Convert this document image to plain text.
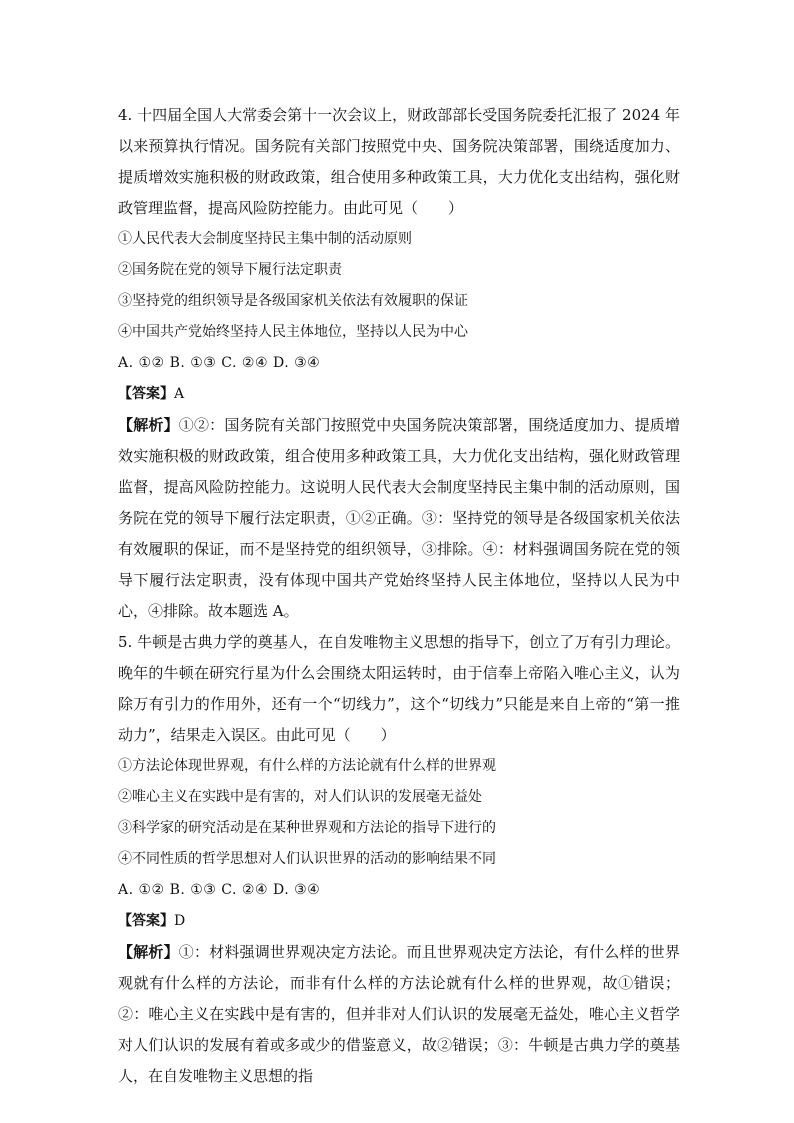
4. 十四届全国人大常委会第十一次会议上，财政部部长受国务院委托汇报了 2024 年以来预算执行情况。国务院有关部门按照党中央、国务院决策部署，围绕适度加力、提质增效实施积极的财政政策，组合使用多种政策工具，大力优化支出结构，强化财政管理监督，提高风险防控能力。由此可见（　　）

①人民代表大会制度坚持民主集中制的活动原则

②国务院在党的领导下履行法定职责

③坚持党的组织领导是各级国家机关依法有效履职的保证

④中国共产党始终坚持人民主体地位，坚持以人民为中心

A. ①② B. ①③ C. ②④ D. ③④

【答案】A

【解析】①②：国务院有关部门按照党中央国务院决策部署，围绕适度加力、提质增效实施积极的财政政策，组合使用多种政策工具，大力优化支出结构，强化财政管理监督，提高风险防控能力。这说明人民代表大会制度坚持民主集中制的活动原则，国务院在党的领导下履行法定职责，①②正确。③：坚持党的领导是各级国家机关依法有效履职的保证，而不是坚持党的组织领导，③排除。④：材料强调国务院在党的领导下履行法定职责，没有体现中国共产党始终坚持人民主体地位，坚持以人民为中心，④排除。故本题选 A。

5. 牛顿是古典力学的奠基人，在自发唯物主义思想的指导下，创立了万有引力理论。晚年的牛顿在研究行星为什么会围绕太阳运转时，由于信奉上帝陷入唯心主义，认为除万有引力的作用外，还有一个“切线力”，这个“切线力”只能是来自上帝的“第一推动力”，结果走入误区。由此可见（　　）

①方法论体现世界观，有什么样的方法论就有什么样的世界观

②唯心主义在实践中是有害的，对人们认识的发展毫无益处

③科学家的研究活动是在某种世界观和方法论的指导下进行的

④不同性质的哲学思想对人们认识世界的活动的影响结果不同

A. ①② B. ①③ C. ②④ D. ③④

【答案】D

【解析】①：材料强调世界观决定方法论。而且世界观决定方法论，有什么样的世界观就有什么样的方法论，而非有什么样的方法论就有什么样的世界观，故①错误；②：唯心主义在实践中是有害的，但并非对人们认识的发展毫无益处，唯心主义哲学对人们认识的发展有着或多或少的借鉴意义，故②错误；③：牛顿是古典力学的奠基人，在自发唯物主义思想的指
